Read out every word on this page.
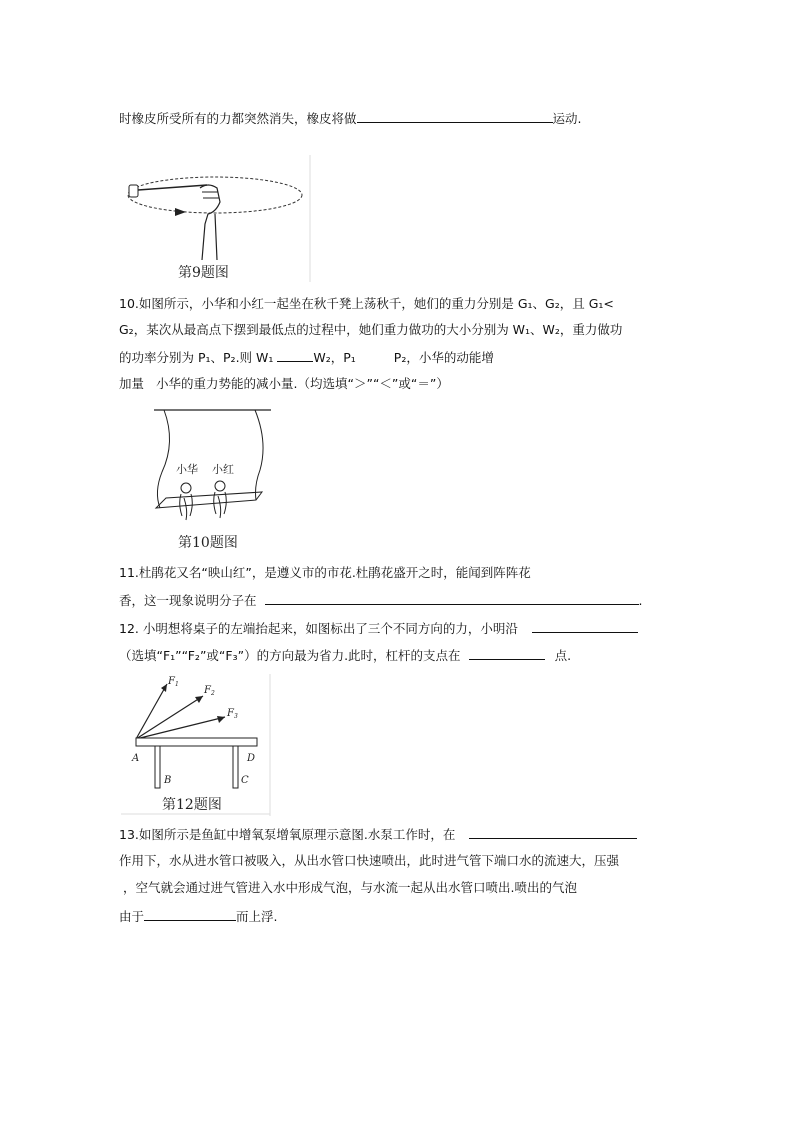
时橡皮所受所有的力都突然消失，橡皮将做	运动.
第9题图
10.如图所示，小华和小红一起坐在秋千凳上荡秋千，她们的重力分别是 G₁、G₂，且 G₁<
G₂，某次从最高点下摆到最低点的过程中，她们重力做功的大小分别为 W₁、W₂，重力做功
的功率分别为 P₁、P₂.则 W₁	W₂，P₁	P₂，小华的动能增
加量 小华的重力势能的减小量.（均选填“＞”“＜”或“＝”）
小华 小红
第10题图
11.杜鹃花又名“映山红”，是遵义市的市花.杜鹃花盛开之时，能闻到阵阵花
香，这一现象说明分子在	.
12. 小明想将桌子的左端抬起来，如图标出了三个不同方向的力，小明沿
（选填“F₁”“F₂”或“F₃”）的方向最为省力.此时，杠杆的支点在	点.
$F_1$
$F_2$
$F_3$
A
B	C
D
第12题图
13.如图所示是鱼缸中增氧泵增氧原理示意图.水泵工作时，在
作用下，水从进水管口被吸入，从出水管口快速喷出，此时进气管下端口水的流速大，压强
，空气就会通过进气管进入水中形成气泡，与水流一起从出水管口喷出.喷出的气泡
由于	而上浮.
